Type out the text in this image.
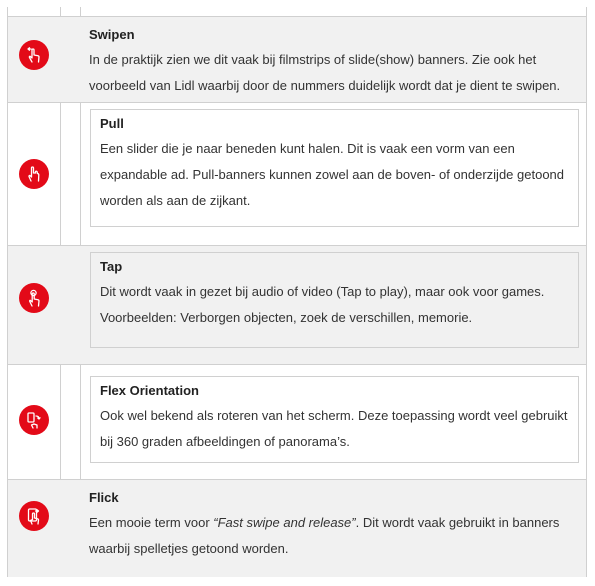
Swipen
In de praktijk zien we dit vaak bij filmstrips of slide(show) banners. Zie ook het voorbeeld van Lidl waarbij door de nummers duidelijk wordt dat je dient te swipen.
Pull
Een slider die je naar beneden kunt halen. Dit is vaak een vorm van een expandable ad. Pull-banners kunnen zowel aan de boven- of onderzijde getoond worden als aan de zijkant.
Tap
Dit wordt vaak in gezet bij audio of video (Tap to play), maar ook voor games. Voorbeelden: Verborgen objecten, zoek de verschillen, memorie.
Flex Orientation
Ook wel bekend als roteren van het scherm. Deze toepassing wordt veel gebruikt bij 360 graden afbeeldingen of panorama’s.
Flick
Een mooie term voor “Fast swipe and release”. Dit wordt vaak gebruikt in banners waarbij spelletjes getoond worden.
